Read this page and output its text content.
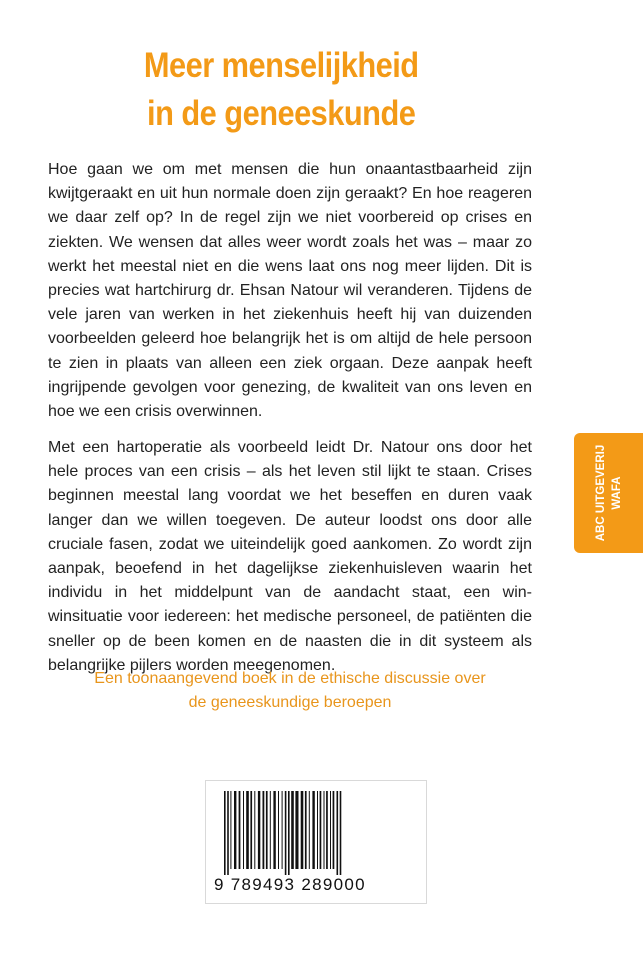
Meer menselijkheid
in de geneeskunde
Hoe gaan we om met mensen die hun onaantastbaarheid zijn kwijtgeraakt en uit hun normale doen zijn geraakt? En hoe reageren we daar zelf op? In de regel zijn we niet voorbereid op crises en ziekten. We wensen dat alles weer wordt zoals het was – maar zo werkt het meestal niet en die wens laat ons nog meer lijden. Dit is precies wat hartchirurg dr. Ehsan Natour wil veranderen. Tijdens de vele jaren van werken in het ziekenhuis heeft hij van duizenden voorbeelden geleerd hoe belangrijk het is om altijd de hele persoon te zien in plaats van alleen een ziek orgaan. Deze aanpak heeft ingrijpende gevolgen voor genezing, de kwaliteit van ons leven en hoe we een crisis overwinnen.
Met een hartoperatie als voorbeeld leidt Dr. Natour ons door het hele proces van een crisis – als het leven stil lijkt te staan. Crises beginnen meestal lang voordat we het beseffen en duren vaak langer dan we willen toegeven. De auteur loodst ons door alle cruciale fasen, zodat we uiteindelijk goed aankomen. Zo wordt zijn aanpak, beoefend in het dagelijkse ziekenhuisleven waarin het individu in het middelpunt van de aandacht staat, een win-winsituatie voor iedereen: het medische personeel, de patiënten die sneller op de been komen en de naasten die in dit systeem als belangrijke pijlers worden meegenomen.
Een toonaangevend boek in de ethische discussie over
de geneeskundige beroepen
ABC UITGEVERIJ WAFA
9 789493 289000
